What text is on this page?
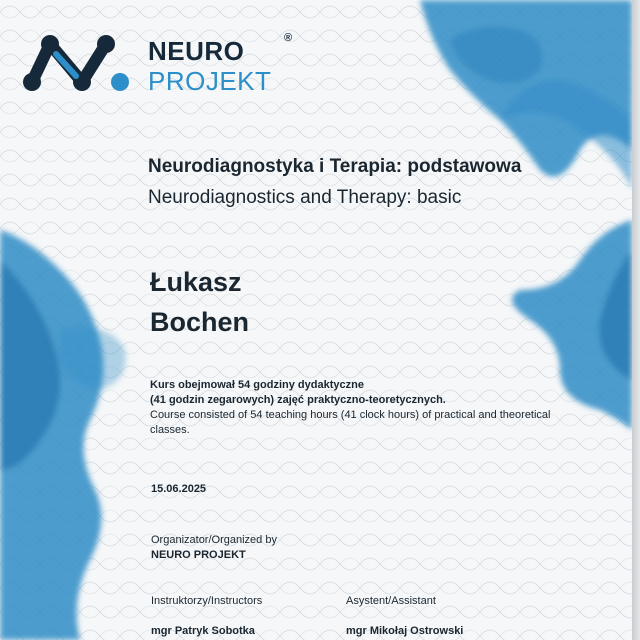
NEURO	®
PROJEKT
Neurodiagnostyka i Terapia: podstawowa
Neurodiagnostics and Therapy: basic
Łukasz
Bochen
Kurs obejmował 54 godziny dydaktyczne
(41 godzin zegarowych) zajęć praktyczno-teoretycznych.
Course consisted of 54 teaching hours (41 clock hours) of practical and theoretical classes.
15.06.2025
Organizator/Organized by
NEURO PROJEKT
Instruktorzy/Instructors
mgr Patryk Sobotka
Asystent/Assistant
mgr Mikołaj Ostrowski
